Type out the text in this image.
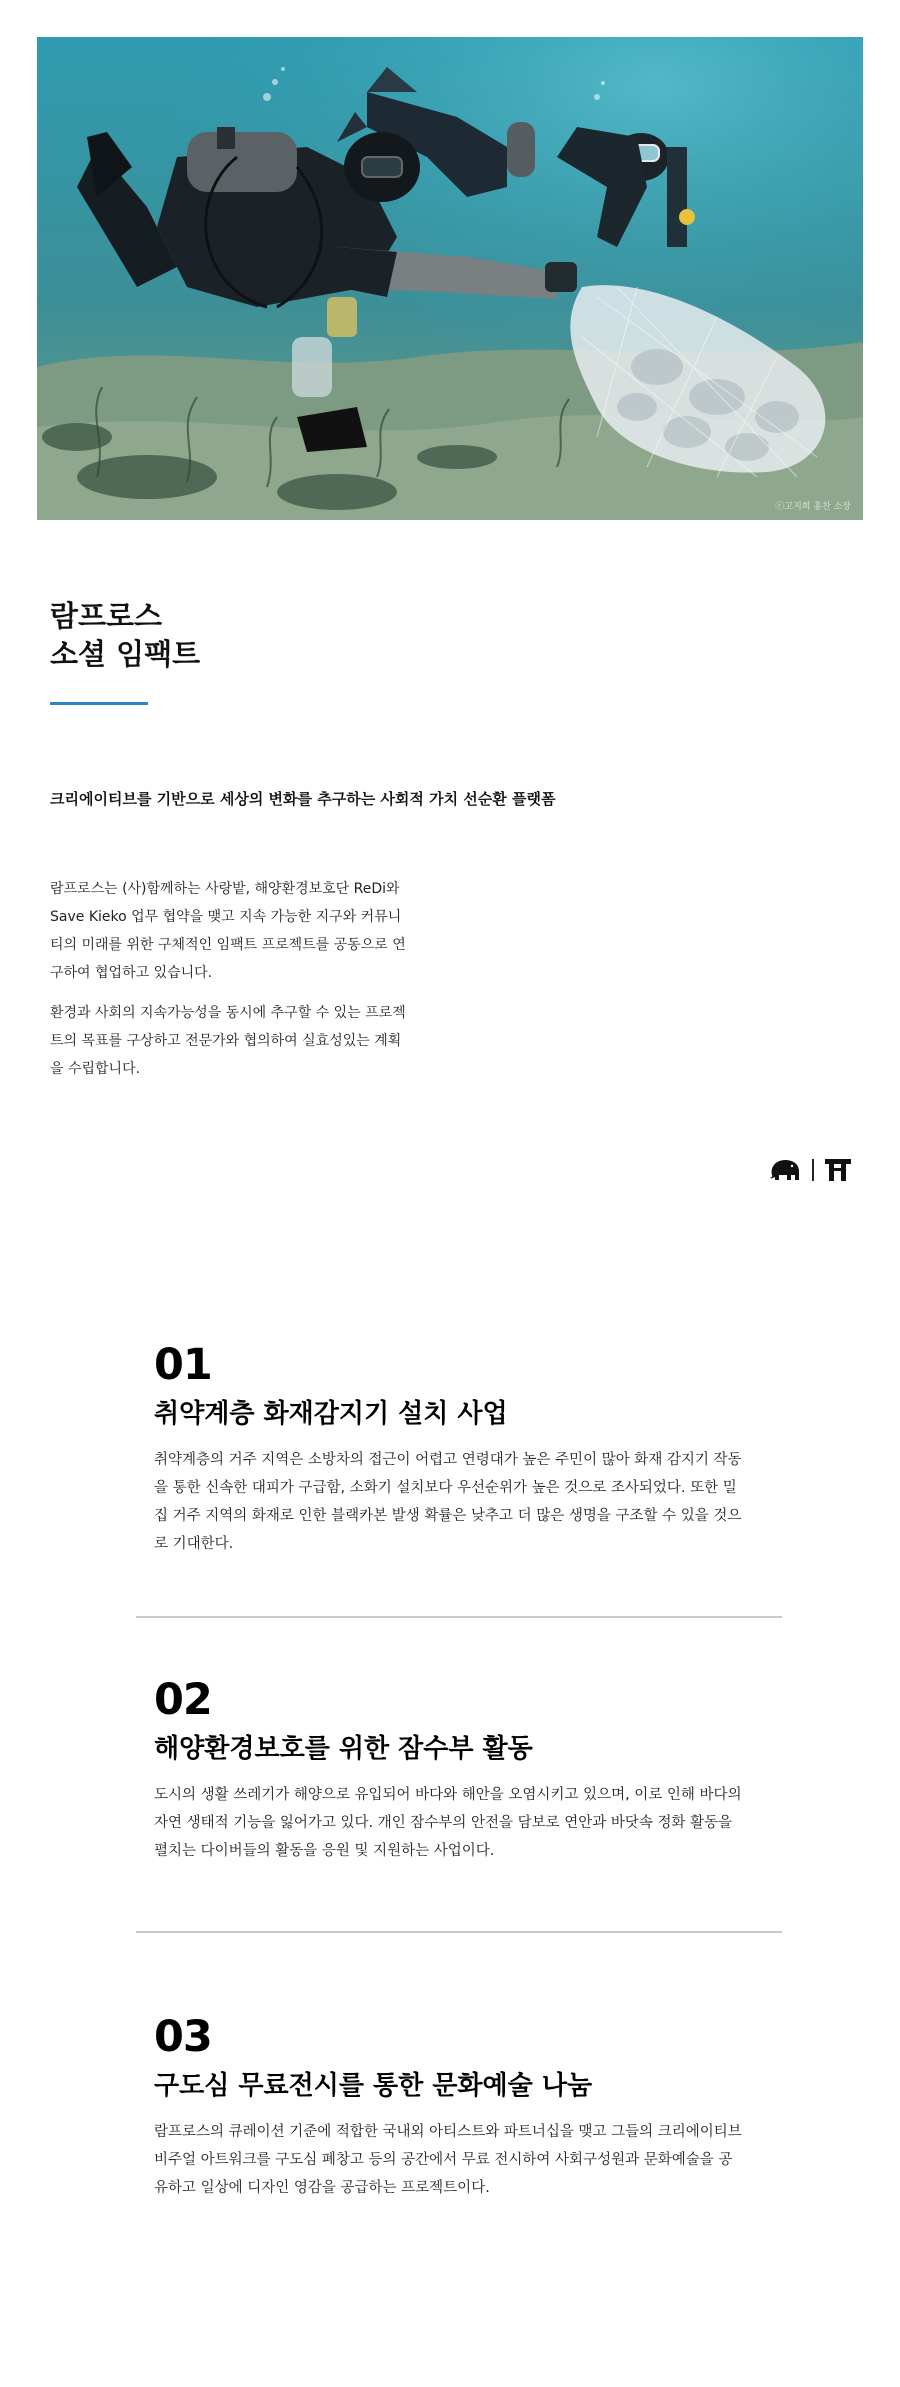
ⓒ고지희 홍찬 소장
람프로스
소셜 임팩트
크리에이티브를 기반으로 세상의 변화를 추구하는 사회적 가치 선순환 플랫폼

람프로스는 (사)함께하는 사랑밭, 해양환경보호단 ReDi와 Save Kieko 업무 협약을 맺고 지속 가능한 지구와 커뮤니티의 미래를 위한 구체적인 임팩트 프로젝트를 공동으로 연구하여 협업하고 있습니다.

환경과 사회의 지속가능성을 동시에 추구할 수 있는 프로젝트의 목표를 구상하고 전문가와 협의하여 실효성있는 계획을 수립합니다.

01
취약계층 화재감지기 설치 사업
취약계층의 거주 지역은 소방차의 접근이 어렵고 연령대가 높은 주민이 많아 화재 감지기 작동을 통한 신속한 대피가 구급함, 소화기 설치보다 우선순위가 높은 것으로 조사되었다. 또한 밀집 거주 지역의 화재로 인한 블랙카본 발생 확률은 낮추고 더 많은 생명을 구조할 수 있을 것으로 기대한다.
02
해양환경보호를 위한 잠수부 활동
도시의 생활 쓰레기가 해양으로 유입되어 바다와 해안을 오염시키고 있으며, 이로 인해 바다의 자연 생태적 기능을 잃어가고 있다. 개인 잠수부의 안전을 담보로 연안과 바닷속 정화 활동을 펼치는 다이버들의 활동을 응원 및 지원하는 사업이다.
03
구도심 무료전시를 통한 문화예술 나눔
람프로스의 큐레이션 기준에 적합한 국내외 아티스트와 파트너십을 맺고 그들의 크리에이티브 비주얼 아트워크를 구도심 폐창고 등의 공간에서 무료 전시하여 사회구성원과 문화예술을 공유하고 일상에 디자인 영감을 공급하는 프로젝트이다.
